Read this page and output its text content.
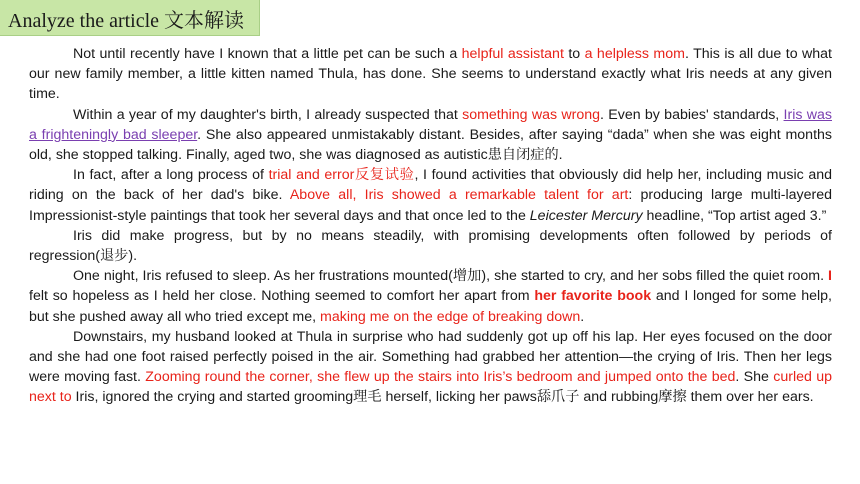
Analyze the article 文本解读

Not until recently have I known that a little pet can be such a helpful assistant to a helpless mom. This is all due to what our new family member, a little kitten named Thula, has done. She seems to understand exactly what Iris needs at any given time.

Within a year of my daughter's birth, I already suspected that something was wrong. Even by babies' standards, Iris was a frighteningly bad sleeper. She also appeared unmistakably distant. Besides, after saying “dada” when she was eight months old, she stopped talking. Finally, aged two, she was diagnosed as autistic患自闭症的.

In fact, after a long process of trial and error反复试验, I found activities that obviously did help her, including music and riding on the back of her dad's bike. Above all, Iris showed a remarkable talent for art: producing large multi-layered Impressionist-style paintings that took her several days and that once led to the Leicester Mercury headline, “Top artist aged 3.”

Iris did make progress, but by no means steadily, with promising developments often followed by periods of regression(退步).

One night, Iris refused to sleep. As her frustrations mounted(增加), she started to cry, and her sobs filled the quiet room. I felt so hopeless as I held her close. Nothing seemed to comfort her apart from her favorite book and I longed for some help, but she pushed away all who tried except me, making me on the edge of breaking down.

Downstairs, my husband looked at Thula in surprise who had suddenly got up off his lap. Her eyes focused on the door and she had one foot raised perfectly poised in the air. Something had grabbed her attention—the crying of Iris. Then her legs were moving fast. Zooming round the corner, she flew up the stairs into Iris’s bedroom and jumped onto the bed. She curled up next to Iris, ignored the crying and started grooming理毛 herself, licking her paws舔爪子 and rubbing摩擦 them over her ears.
